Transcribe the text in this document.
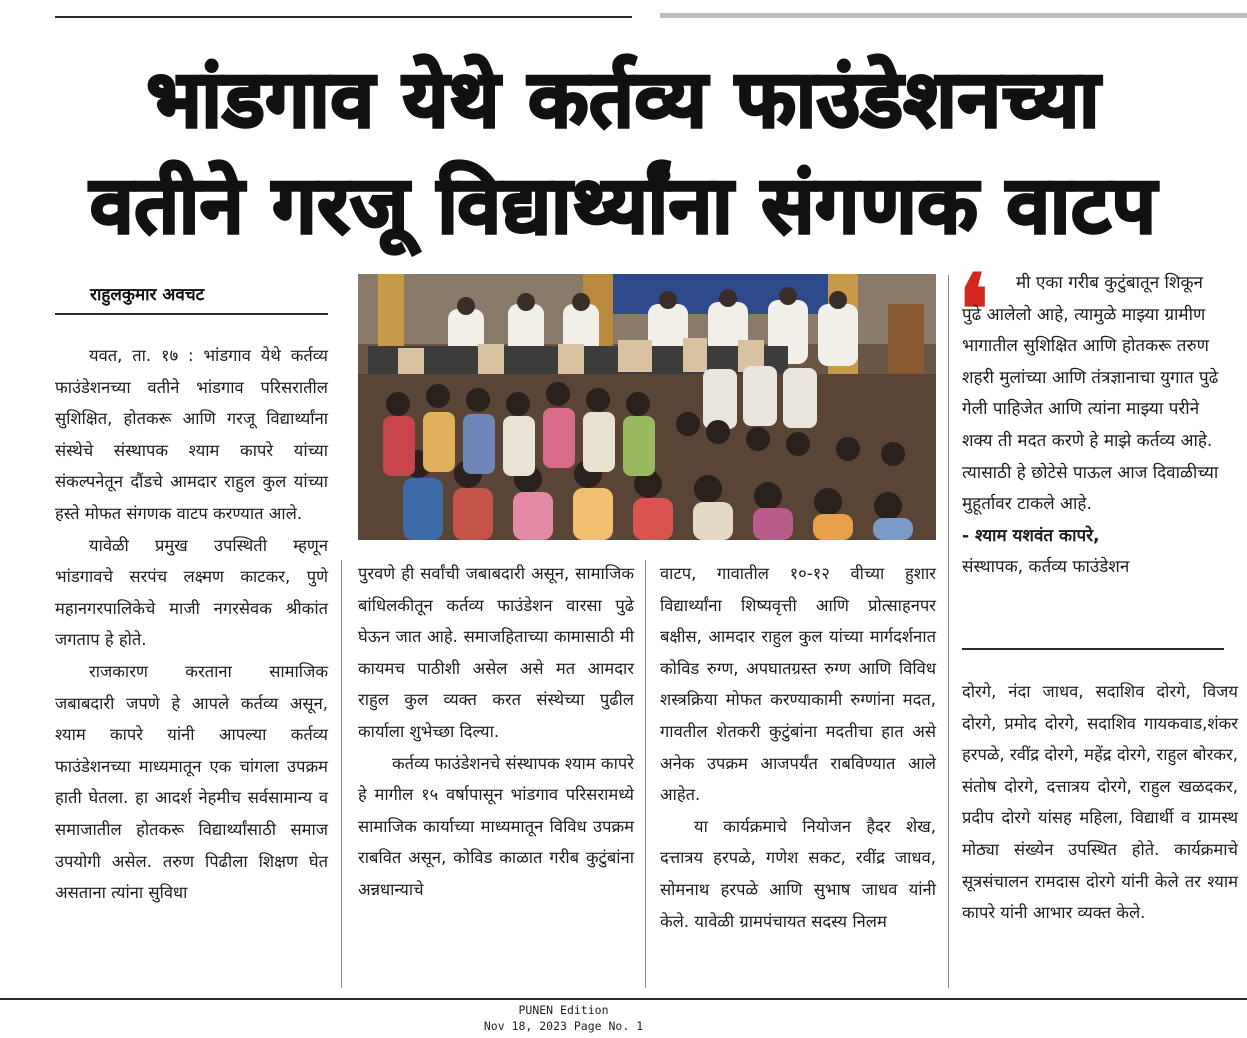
भांडगाव येथे कर्तव्य फाउंडेशनच्या
वतीने गरजू विद्यार्थ्यांना संगणक वाटप
राहुलकुमार अवचट

यवत, ता. १७ : भांडगाव येथे कर्तव्य फाउंडेशनच्या वतीने भांडगाव परिसरातील सुशिक्षित, होतकरू आणि गरजू विद्यार्थ्यांना संस्थेचे संस्थापक श्याम कापरे यांच्या संकल्पनेतून दौंडचे आमदार राहुल कुल यांच्या हस्ते मोफत संगणक वाटप करण्यात आले.

यावेळी प्रमुख उपस्थिती म्हणून भांडगावचे सरपंच लक्ष्मण काटकर, पुणे महानगरपालिकेचे माजी नगरसेवक श्रीकांत जगताप हे होते.

राजकारण करताना सामाजिक जबाबदारी जपणे हे आपले कर्तव्य असून, श्याम कापरे यांनी आपल्या कर्तव्य फाउंडेशनच्या माध्यमातून एक चांगला उपक्रम हाती घेतला. हा आदर्श नेहमीच सर्वसामान्य व समाजातील होतकरू विद्यार्थ्यांसाठी समाज उपयोगी असेल. तरुण पिढीला शिक्षण घेत असताना त्यांना सुविधा

पुरवणे ही सर्वांची जबाबदारी असून, सामाजिक बांधिलकीतून कर्तव्य फाउंडेशन वारसा पुढे घेऊन जात आहे. समाजहिताच्या कामासाठी मी कायमच पाठीशी असेल असे मत आमदार राहुल कुल व्यक्त करत संस्थेच्या पुढील कार्याला शुभेच्छा दिल्या.

कर्तव्य फाउंडेशनचे संस्थापक श्याम कापरे हे मागील १५ वर्षापासून भांडगाव परिसरामध्ये सामाजिक कार्याच्या माध्यमातून विविध उपक्रम राबवित असून, कोविड काळात गरीब कुटुंबांना अन्नधान्याचे

वाटप, गावातील १०-१२ वीच्या हुशार विद्यार्थ्यांना शिष्यवृत्ती आणि प्रोत्साहनपर बक्षीस, आमदार राहुल कुल यांच्या मार्गदर्शनात कोविड रुग्ण, अपघातग्रस्त रुग्ण आणि विविध शस्त्रक्रिया मोफत करण्याकामी रुग्णांना मदत, गावतील शेतकरी कुटुंबांना मदतीचा हात असे अनेक उपक्रम आजपर्यंत राबविण्यात आले आहेत.

या कार्यक्रमाचे नियोजन हैदर शेख, दत्तात्रय हरपळे, गणेश सकट, रवींद्र जाधव, सोमनाथ हरपळे आणि सुभाष जाधव यांनी केले. यावेळी ग्रामपंचायत सदस्य निलम

❛	मी एका गरीब कुटुंबातून शिकून पुढे आलेलो आहे, त्यामुळे माझ्या ग्रामीण भागातील सुशिक्षित आणि होतकरू तरुण शहरी मुलांच्या आणि तंत्रज्ञानाचा युगात पुढे गेली पाहिजेत आणि त्यांना माझ्या परीने शक्य ती मदत करणे हे माझे कर्तव्य आहे. त्यासाठी हे छोटेसे पाऊल आज दिवाळीच्या मुहूर्तावर टाकले आहे.

- श्याम यशवंत कापरे,

संस्थापक, कर्तव्य फाउंडेशन

दोरगे, नंदा जाधव, सदाशिव दोरगे, विजय दोरगे, प्रमोद दोरगे, सदाशिव गायकवाड,शंकर हरपळे, रवींद्र दोरगे, महेंद्र दोरगे, राहुल बोरकर, संतोष दोरगे, दत्तात्रय दोरगे, राहुल खळदकर, प्रदीप दोरगे यांसह महिला, विद्यार्थी व ग्रामस्थ मोठ्या संख्येन उपस्थित होते. कार्यक्रमाचे सूत्रसंचालन रामदास दोरगे यांनी केले तर श्याम कापरे यांनी आभार व्यक्त केले.

PUNEN Edition
Nov 18, 2023 Page No. 1
